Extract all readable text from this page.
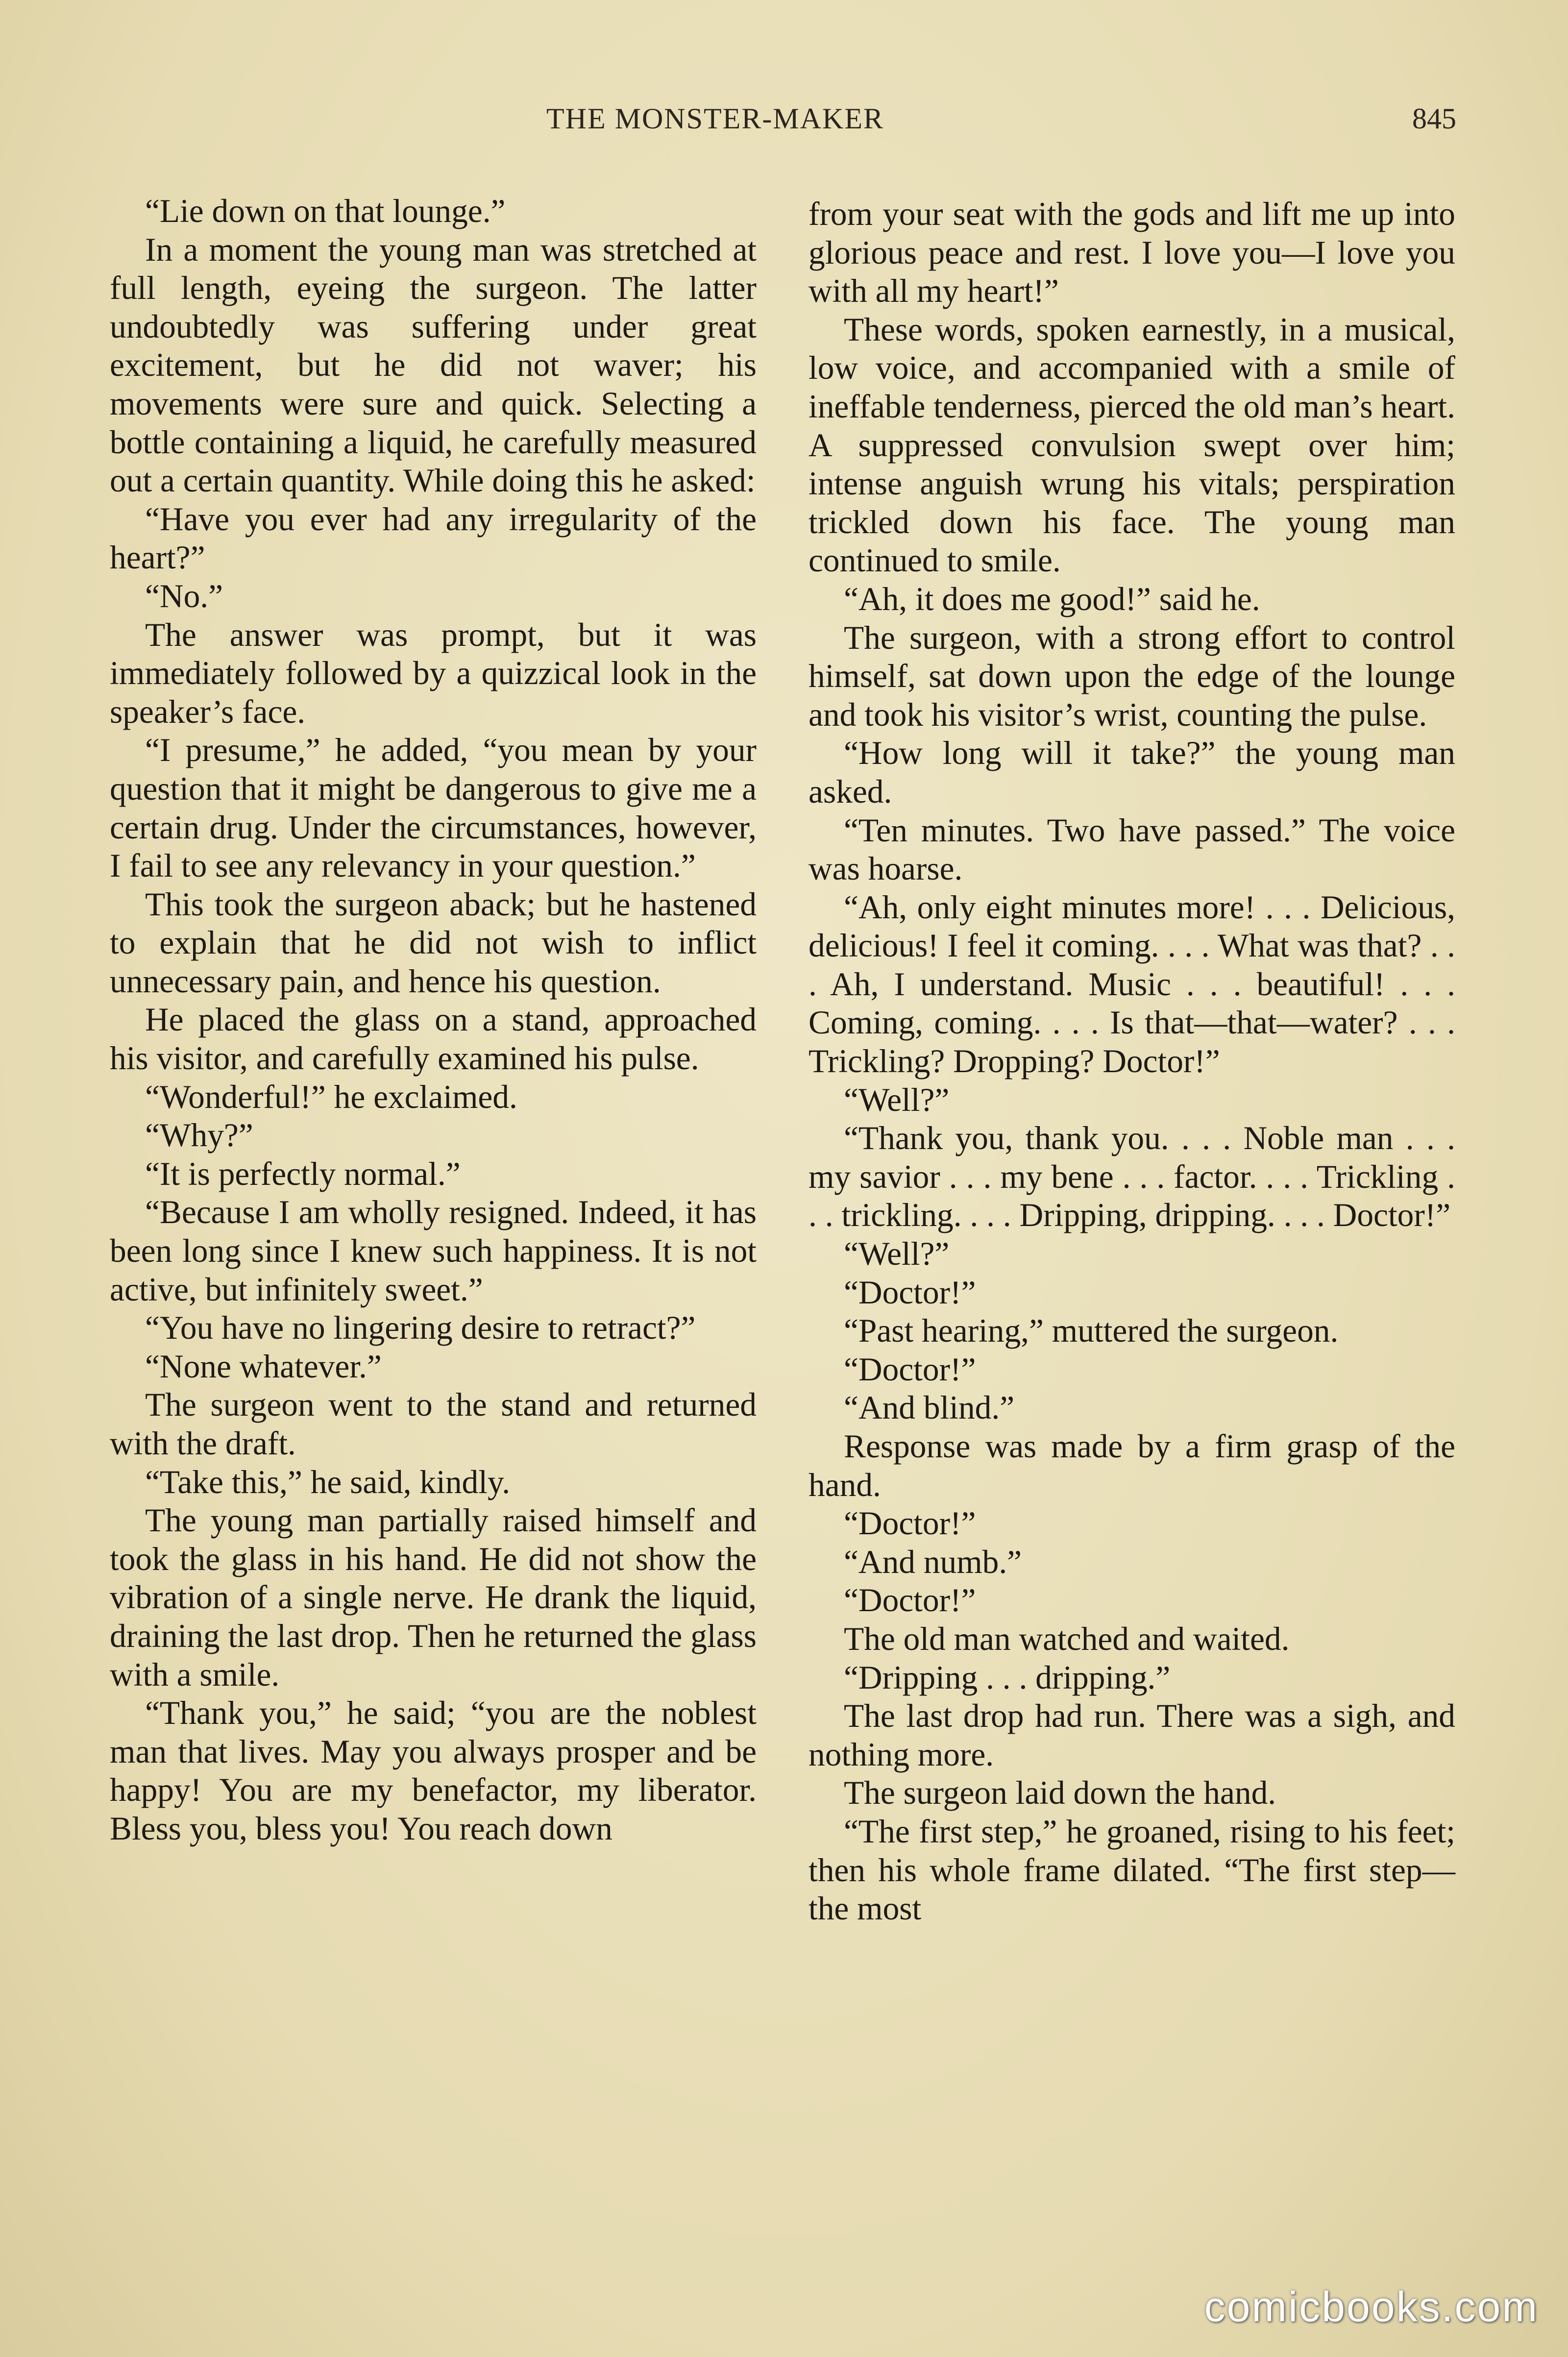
THE MONSTER-MAKER	845

“Lie down on that lounge.”

In a moment the young man was stretched at full length, eyeing the surgeon. The latter undoubtedly was suffering under great excitement, but he did not waver; his movements were sure and quick. Selecting a bottle containing a liquid, he carefully measured out a certain quantity. While doing this he asked:

“Have you ever had any irregularity of the heart?”

“No.”

The answer was prompt, but it was immediately followed by a quizzical look in the speaker’s face.

“I presume,” he added, “you mean by your question that it might be dangerous to give me a certain drug. Under the circumstances, however, I fail to see any relevancy in your question.”

This took the surgeon aback; but he hastened to explain that he did not wish to inflict unnecessary pain, and hence his question.

He placed the glass on a stand, approached his visitor, and carefully examined his pulse.

“Wonderful!” he exclaimed.

“Why?”

“It is perfectly normal.”

“Because I am wholly resigned. Indeed, it has been long since I knew such happiness. It is not active, but infinitely sweet.”

“You have no lingering desire to retract?”

“None whatever.”

The surgeon went to the stand and returned with the draft.

“Take this,” he said, kindly.

The young man partially raised himself and took the glass in his hand. He did not show the vibration of a single nerve. He drank the liquid, draining the last drop. Then he returned the glass with a smile.

“Thank you,” he said; “you are the noblest man that lives. May you always prosper and be happy! You are my benefactor, my liberator. Bless you, bless you! You reach down

from your seat with the gods and lift me up into glorious peace and rest. I love you—I love you with all my heart!”

These words, spoken earnestly, in a musical, low voice, and accompanied with a smile of ineffable tenderness, pierced the old man’s heart. A suppressed convulsion swept over him; intense anguish wrung his vitals; perspiration trickled down his face. The young man continued to smile.

“Ah, it does me good!” said he.

The surgeon, with a strong effort to control himself, sat down upon the edge of the lounge and took his visitor’s wrist, counting the pulse.

“How long will it take?” the young man asked.

“Ten minutes. Two have passed.” The voice was hoarse.

“Ah, only eight minutes more! . . . Delicious, delicious! I feel it coming. . . . What was that? . . . Ah, I understand. Music . . . beautiful! . . . Coming, coming. . . . Is that—that—water? . . . Trickling? Dropping? Doctor!”

“Well?”

“Thank you, thank you. . . . Noble man . . . my savior . . . my bene . . . factor. . . . Trickling . . . trickling. . . . Dripping, dripping. . . . Doctor!”

“Well?”

“Doctor!”

“Past hearing,” muttered the surgeon.

“Doctor!”

“And blind.”

Response was made by a firm grasp of the hand.

“Doctor!”

“And numb.”

“Doctor!”

The old man watched and waited.

“Dripping . . . dripping.”

The last drop had run. There was a sigh, and nothing more.

The surgeon laid down the hand.

“The first step,” he groaned, rising to his feet; then his whole frame dilated. “The first step—the most

comicbooks.com
